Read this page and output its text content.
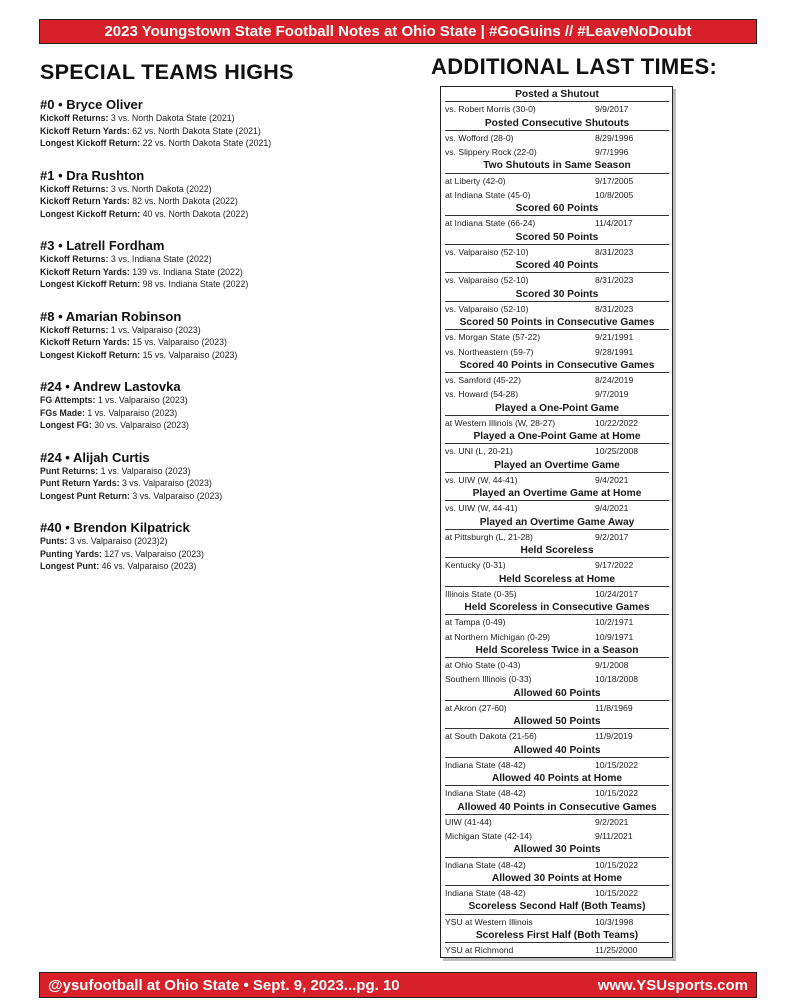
2023 Youngstown State Football Notes at Ohio State | #GoGuins // #LeaveNoDoubt
SPECIAL TEAMS HIGHS	ADDITIONAL LAST TIMES:
#0 • Bryce Oliver
Kickoff Returns: 3 vs. North Dakota State (2021)
Kickoff Return Yards: 62 vs. North Dakota State (2021)
Longest Kickoff Return: 22 vs. North Dakota State (2021)
#1 • Dra Rushton
Kickoff Returns: 3 vs. North Dakota (2022)
Kickoff Return Yards: 82 vs. North Dakota (2022)
Longest Kickoff Return: 40 vs. North Dakota (2022)
#3 • Latrell Fordham
Kickoff Returns: 3 vs. Indiana State (2022)
Kickoff Return Yards: 139 vs. Indiana State (2022)
Longest Kickoff Return: 98 vs. Indiana State (2022)
#8 • Amarian Robinson
Kickoff Returns: 1 vs. Valparaiso (2023)
Kickoff Return Yards: 15 vs. Valparaiso (2023)
Longest Kickoff Return: 15 vs. Valparaiso (2023)
#24 • Andrew Lastovka
FG Attempts: 1 vs. Valparaiso (2023)
FGs Made: 1 vs. Valparaiso (2023)
Longest FG: 30 vs. Valparaiso (2023)
#24 • Alijah Curtis
Punt Returns: 1 vs. Valparaiso (2023)
Punt Return Yards: 3 vs. Valparaiso (2023)
Longest Punt Return: 3 vs. Valparaiso (2023)
#40 • Brendon Kilpatrick
Punts: 3 vs. Valparaiso (2023)2)
Punting Yards: 127 vs. Valparaiso (2023)
Longest Punt: 46 vs. Valparaiso (2023)
Posted a Shutout
vs. Robert Morris (30-0)	9/9/2017
Posted Consecutive Shutouts
vs. Wofford (28-0)	8/29/1996
vs. Slippery Rock (22-0)	9/7/1996
Two Shutouts in Same Season
at Liberty (42-0)	9/17/2005
at Indiana State (45-0)	10/8/2005
Scored 60 Points
at Indiana State (66-24)	11/4/2017
Scored 50 Points
vs. Valparaiso (52-10)	8/31/2023
Scored 40 Points
vs. Valparaiso (52-10)	8/31/2023
Scored 30 Points
vs. Valparaiso (52-10)	8/31/2023
Scored 50 Points in Consecutive Games
vs. Morgan State (57-22)	9/21/1991
vs. Northeastern (59-7)	9/28/1991
Scored 40 Points in Consecutive Games
vs. Samford (45-22)	8/24/2019
vs. Howard (54-28)	9/7/2019
Played a One-Point Game
at Western Illinois (W, 28-27)	10/22/2022
Played a One-Point Game at Home
vs. UNI (L, 20-21)	10/25/2008
Played an Overtime Game
vs. UIW (W, 44-41)	9/4/2021
Played an Overtime Game at Home
vs. UIW (W, 44-41)	9/4/2021
Played an Overtime Game Away
at Pittsburgh (L, 21-28)	9/2/2017
Held Scoreless
Kentucky (0-31)	9/17/2022
Held Scoreless at Home
Illinois State (0-35)	10/24/2017
Held Scoreless in Consecutive Games
at Tampa (0-49)	10/2/1971
at Northern Michigan (0-29)	10/9/1971
Held Scoreless Twice in a Season
at Ohio State (0-43)	9/1/2008
Southern Illinois (0-33)	10/18/2008
Allowed 60 Points
at Akron (27-60)	11/8/1969
Allowed 50 Points
at South Dakota (21-56)	11/9/2019
Allowed 40 Points
Indiana State (48-42)	10/15/2022
Allowed 40 Points at Home
Indiana State (48-42)	10/15/2022
Allowed 40 Points in Consecutive Games
UIW (41-44)	9/2/2021
Michigan State (42-14)	9/11/2021
Allowed 30 Points
Indiana State (48-42)	10/15/2022
Allowed 30 Points at Home
Indiana State (48-42)	10/15/2022
Scoreless Second Half (Both Teams)
YSU at Western Illinois	10/3/1998
Scoreless First Half (Both Teams)
YSU at Richmond	11/25/2000
@ysufootball at Ohio State • Sept. 9, 2023...pg. 10	www.YSUsports.com
